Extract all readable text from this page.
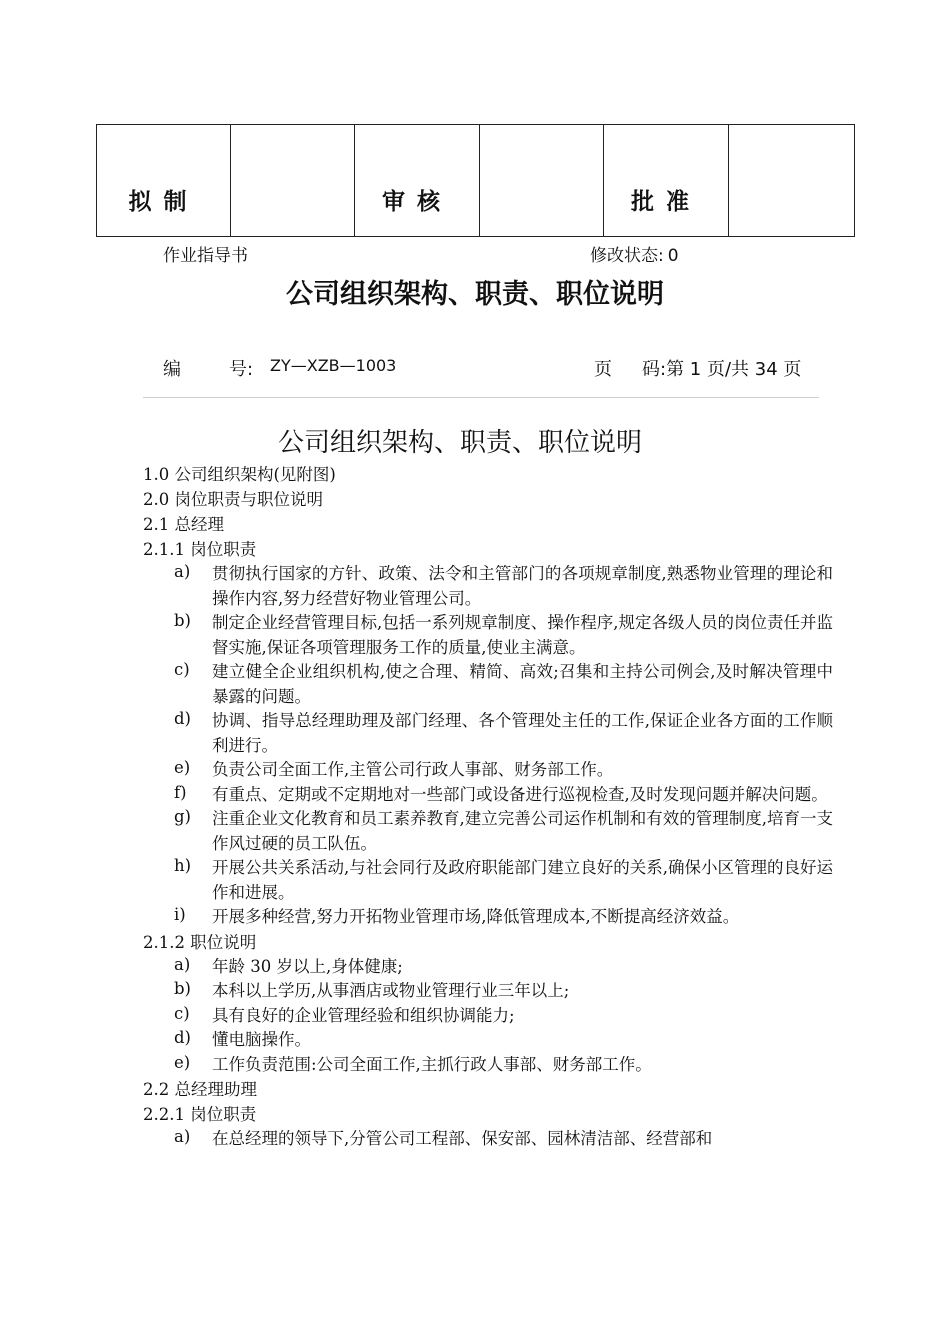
拟制		审核		批准	
作业指导书	修改状态: 0
公司组织架构、职责、职位说明
编	号: ZY—XZB—1003	页 码:第 1 页/共 34 页
公司组织架构、职责、职位说明
1.0 公司组织架构(见附图)
2.0 岗位职责与职位说明
2.1 总经理
2.1.1 岗位职责
a)	贯彻执行国家的方针、政策、法令和主管部门的各项规章制度,熟悉物业管理的理论和操作内容,努力经营好物业管理公司。
b)	制定企业经营管理目标,包括一系列规章制度、操作程序,规定各级人员的岗位责任并监督实施,保证各项管理服务工作的质量,使业主满意。
c)	建立健全企业组织机构,使之合理、精简、高效;召集和主持公司例会,及时解决管理中暴露的问题。
d)	协调、指导总经理助理及部门经理、各个管理处主任的工作,保证企业各方面的工作顺利进行。
e)	负责公司全面工作,主管公司行政人事部、财务部工作。
f)	有重点、定期或不定期地对一些部门或设备进行巡视检查,及时发现问题并解决问题。
g)	注重企业文化教育和员工素养教育,建立完善公司运作机制和有效的管理制度,培育一支作风过硬的员工队伍。
h)	开展公共关系活动,与社会同行及政府职能部门建立良好的关系,确保小区管理的良好运作和进展。
i)	开展多种经营,努力开拓物业管理市场,降低管理成本,不断提高经济效益。
2.1.2 职位说明
a)	年龄 30 岁以上,身体健康;
b)	本科以上学历,从事酒店或物业管理行业三年以上;
c)	具有良好的企业管理经验和组织协调能力;
d)	懂电脑操作。
e)	工作负责范围:公司全面工作,主抓行政人事部、财务部工作。
2.2 总经理助理
2.2.1 岗位职责
a)	在总经理的领导下,分管公司工程部、保安部、园林清洁部、经营部和
